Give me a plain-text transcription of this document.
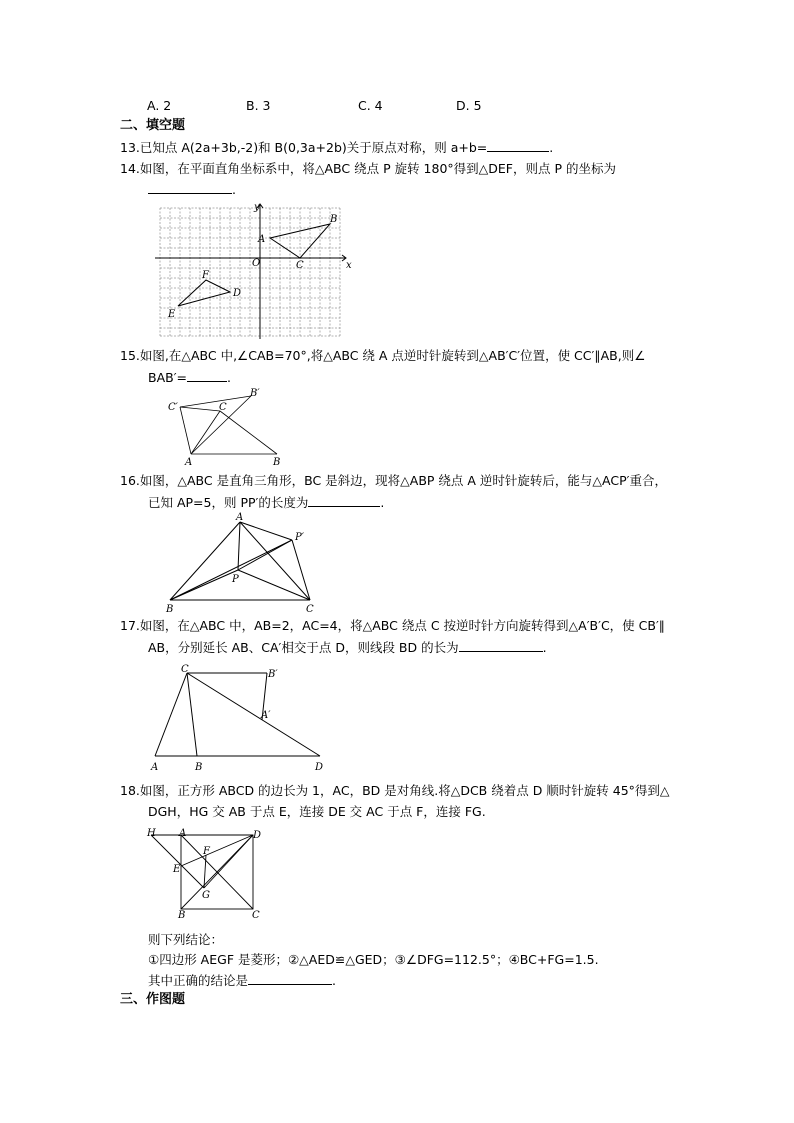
A. 2	B. 3	C. 4	D. 5
二、填空题
13.已知点 A(2a+3b,-2)和 B(0,3a+2b)关于原点对称，则 a+b=	.
14.如图，在平面直角坐标系中，将△ABC 绕点 P 旋转 180°得到△DEF，则点 P 的坐标为
.
x
y
O
A
B
C
D
E
F
15.如图,在△ABC 中,∠CAB=70°,将△ABC 绕 A 点逆时针旋转到△AB′C′位置，使 CC′∥AB,则∠
BAB′=	.
A	B
C
C′
B′
16.如图，△ABC 是直角三角形，BC 是斜边，现将△ABP 绕点 A 逆时针旋转后，能与△ACP′重合，
已知 AP=5，则 PP′的长度为	.
A
B	C
P
P′
17.如图，在△ABC 中，AB=2，AC=4，将△ABC 绕点 C 按逆时针方向旋转得到△A′B′C，使 CB′∥
AB，分别延长 AB、CA′相交于点 D，则线段 BD 的长为	.
C
A	B	D
B′
A′
18.如图，正方形 ABCD 的边长为 1，AC，BD 是对角线.将△DCB 绕着点 D 顺时针旋转 45°得到△
DGH，HG 交 AB 于点 E，连接 DE 交 AC 于点 F，连接 FG.
H A	D
E
F
G
B	C
则下列结论：
①四边形 AEGF 是菱形；②△AED≌△GED；③∠DFG=112.5°；④BC+FG=1.5.
其中正确的结论是	.
三、作图题
